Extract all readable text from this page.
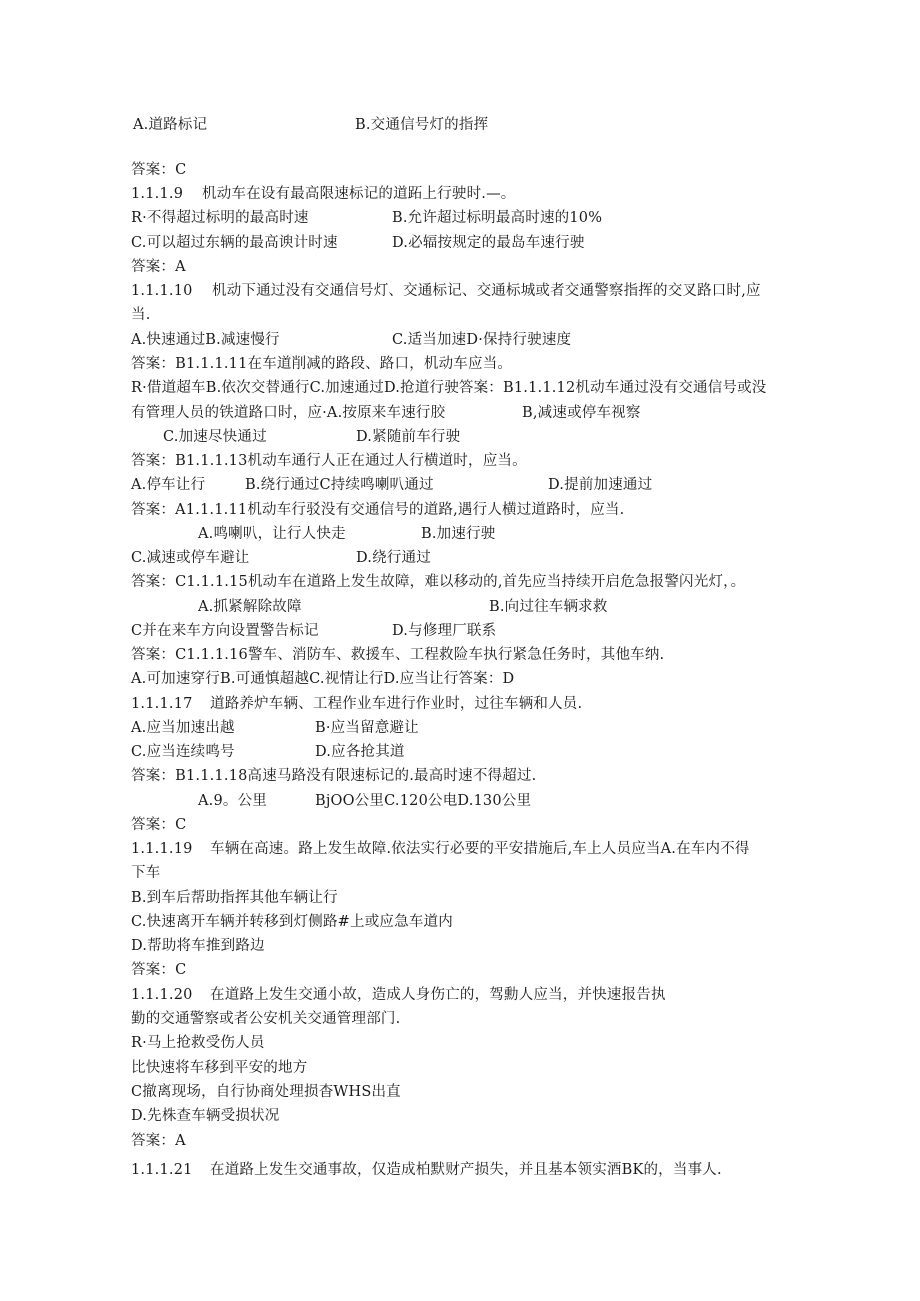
A.道路标记	B.交通信号灯的指挥
答案：C
1.1.1.9 机动车在设有最高限速标记的道跖上行驶时.—。
R·不得超过标明的最高时速	B.允许超过标明最高时速的10%
C.可以超过东辆的最高谀计时速	D.必辐按规定的最岛车速行驶
答案：A
1.1.1.10 机动下通过没有交通信号灯、交通标记、交通标城或者交通警察指挥的交叉路口时,应
当.
A.快速通过B.减速慢行	C.适当加速D·保持行驶速度
答案：B1.1.1.11在车道削减的路段、路口，机动车应当。
R·借道超车B.依次交替通行C.加速通过D.抢道行驶答案：B1.1.1.12机动车通过没有交通信号或没
有管理人员的铁道路口时，应·A.按原来车速行胶	B,减速或停车视察
C.加速尽快通过	D.紧随前车行驶
答案：B1.1.1.13机动车通行人正在通过人行横道时，应当。
A.停车让行	B.绕行通过C持续鸣喇叭通过	D.提前加速通过
答案：A1.1.1.11机动车行驳没有交通信号的道路,遇行人横过道路时，应当.
A.鸣喇叭，让行人快走	B.加速行驶
C.减速或停车避让	D.绕行通过
答案：C1.1.1.15机动车在道路上发生故障，难以移动的,首先应当持续开启危急报警闪光灯，。
A.抓紧解除故障	B.向过往车辆求救
C并在来车方向设置警告标记	D.与修理厂联系
答案：C1.1.1.16警车、消防车、救援车、工程救险车执行紧急任务时，其他车纳.
A.可加速穿行B.可通慎超越C.视情让行D.应当让行答案：D
1.1.1.17 道路养炉车辆、工程作业车进行作业时，过往车辆和人员.
A.应当加速出越	B·应当留意避让
C.应当连续鸣号	D.应各抢其道
答案：B1.1.1.18高速马路没有限速标记的.最高时速不得超过.
A.9。公里	BjOO公里C.120公电D.130公里
答案：C
1.1.1.19 车辆在高速。路上发生故障.依法实行必要的平安措施后,车上人员应当A.在车内不得
下车
B.到车后帮助指挥其他车辆让行
C.快速离开车辆并转移到灯侧路#上或应急车道内
D.帮助将车推到路边
答案：C
1.1.1.20 在道路上发生交通小故，造成人身伤亡的，驾勳人应当，并快速报告执
勤的交通警察或者公安机关交通管理部门.
R·马上抢救受伤人员
比快速将车移到平安的地方
C撤离现场，自行协商处理损杳WHS出直
D.先株查车辆受损状况
答案：A
1.1.1.21 在道路上发生交通事故，仅造成柏默财产损失，并且基本领实酒BK的，当事人.
